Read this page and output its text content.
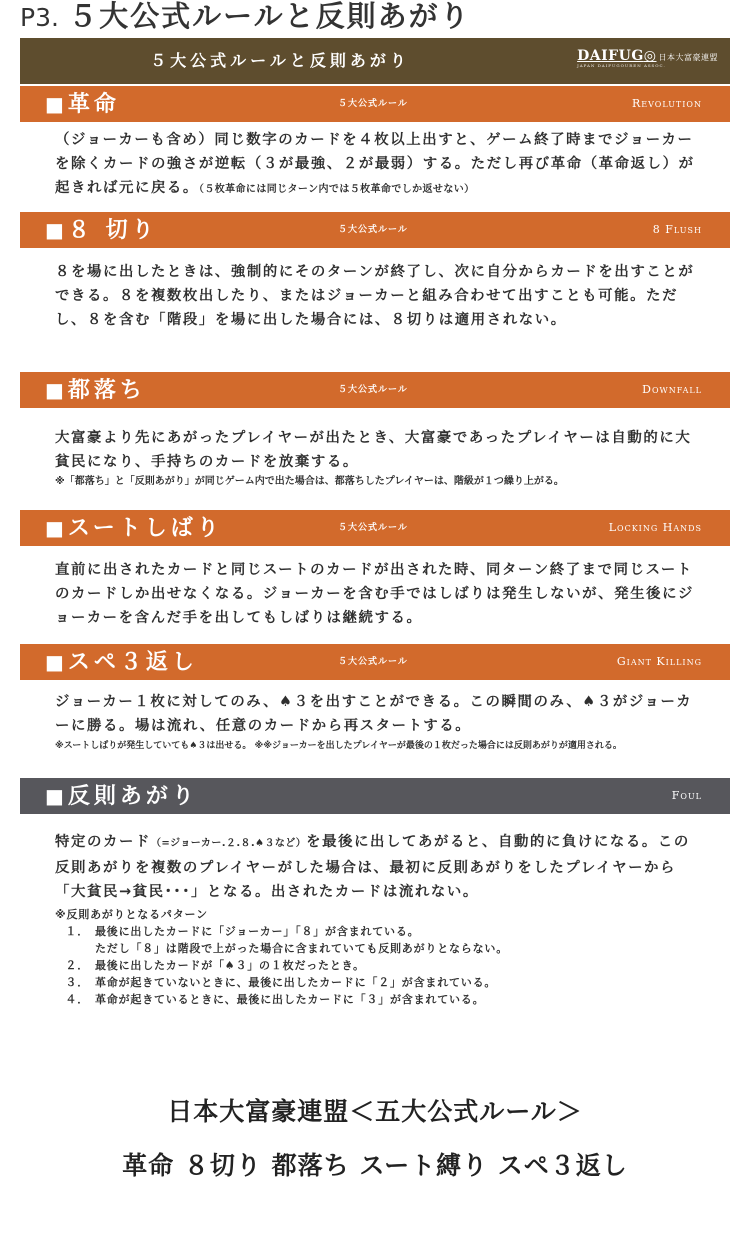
P3. ５大公式ルールと反則あがり
５大公式ルールと反則あがり	DAIFUG◎ 日本大富豪連盟
JAPAN DAIFUGOUREN ASSOC.
■ 革命	５大公式ルール	Revolution

（ジョーカーも含め）同じ数字のカードを４枚以上出すと、ゲーム終了時までジョーカーを除くカードの強さが逆転（３が最強、２が最弱）する。ただし再び革命（革命返し）が起きれば元に戻る。（５枚革命には同じターン内では５枚革命でしか返せない）

■ ８ 切り	５大公式ルール	8 Flush

８を場に出したときは、強制的にそのターンが終了し、次に自分からカードを出すことができる。８を複数枚出したり、またはジョーカーと組み合わせて出すことも可能。ただし、８を含む「階段」を場に出した場合には、８切りは適用されない。

■ 都落ち	５大公式ルール	Downfall

大富豪より先にあがったプレイヤーが出たとき、大富豪であったプレイヤーは自動的に大貧民になり、手持ちのカードを放棄する。

※「都落ち」と「反則あがり」が同じゲーム内で出た場合は、都落ちしたプレイヤーは、階級が１つ繰り上がる。

■ スートしばり	５大公式ルール	Locking Hands

直前に出されたカードと同じスートのカードが出された時、同ターン終了まで同じスートのカードしか出せなくなる。ジョーカーを含む手ではしばりは発生しないが、発生後にジョーカーを含んだ手を出してもしばりは継続する。

■ スペ３返し	５大公式ルール	Giant Killing

ジョーカー１枚に対してのみ、♠３を出すことができる。この瞬間のみ、♠３がジョーカーに勝る。場は流れ、任意のカードから再スタートする。

※スートしばりが発生していても♠３は出せる。 ※※ジョーカーを出したプレイヤーが最後の１枚だった場合には反則あがりが適用される。

■ 反則あがり	Foul

特定のカード（=ジョーカー.２.８.♠３など）を最後に出してあがると、自動的に負けになる。この反則あがりを複数のプレイヤーがした場合は、最初に反則あがりをしたプレイヤーから「大貧民→貧民･･･」となる。出されたカードは流れない。

※反則あがりとなるパターン
１． 最後に出したカードに「ジョーカー」「８」が含まれている。
ただし「８」は階段で上がった場合に含まれていても反則あがりとならない。
２． 最後に出したカードが「♠３」の１枚だったとき。
３． 革命が起きていないときに、最後に出したカードに「２」が含まれている。
４． 革命が起きているときに、最後に出したカードに「３」が含まれている。
日本大富豪連盟＜五大公式ルール＞
革命 ８切り 都落ち スート縛り スペ３返し
